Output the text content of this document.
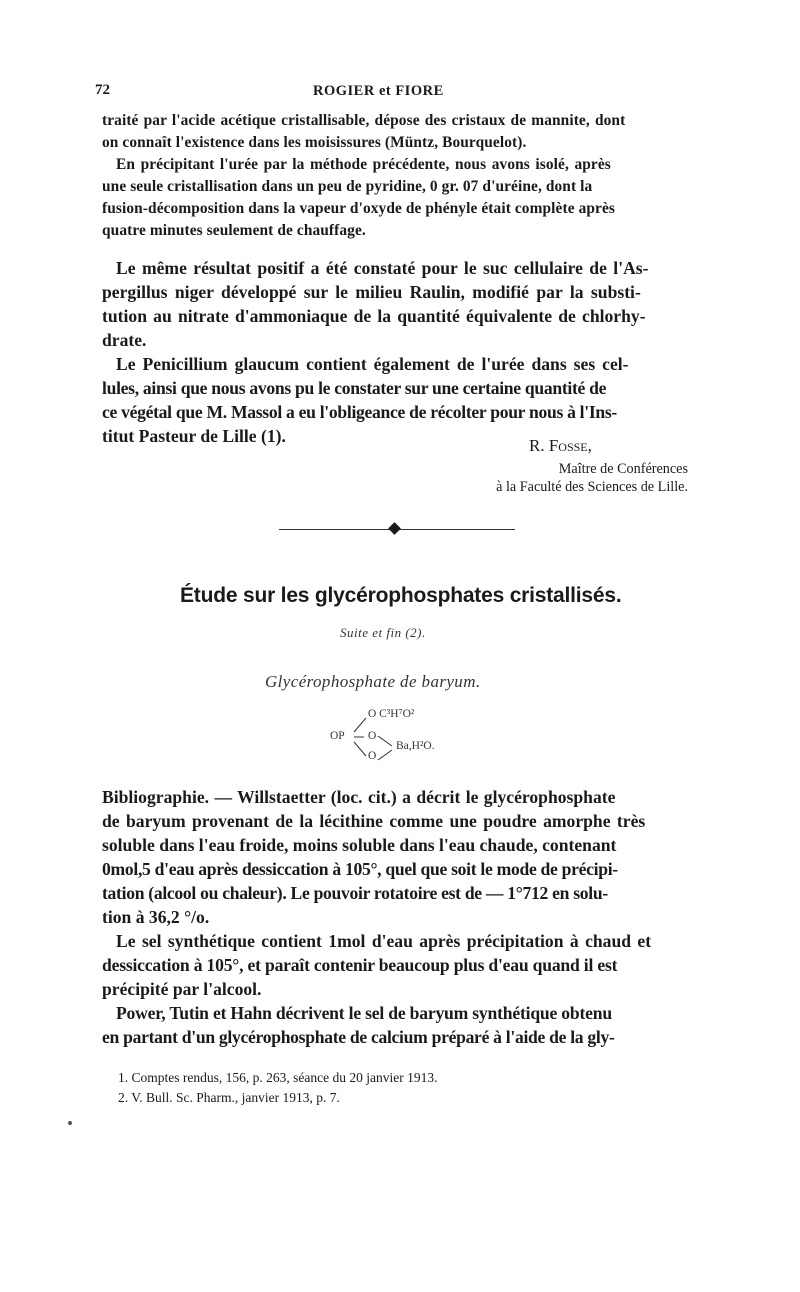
72	ROGIER et FIORE

traité par l'acide acétique cristallisable, dépose des cristaux de mannite, dont

on connaît l'existence dans les moisissures (Müntz, Bourquelot).

En précipitant l'urée par la méthode précédente, nous avons isolé, après

une seule cristallisation dans un peu de pyridine, 0 gr. 07 d'uréine, dont la

fusion-décomposition dans la vapeur d'oxyde de phényle était complète après

quatre minutes seulement de chauffage.

Le même résultat positif a été constaté pour le suc cellulaire de l'As-

pergillus niger développé sur le milieu Raulin, modifié par la substi-

tution au nitrate d'ammoniaque de la quantité équivalente de chlorhy-

drate.

Le Penicillium glaucum contient également de l'urée dans ses cel-

lules, ainsi que nous avons pu le constater sur une certaine quantité de

ce végétal que M. Massol a eu l'obligeance de récolter pour nous à l'Ins-

titut Pasteur de Lille (1).	R. Fosse,
Maître de Conférences
à la Faculté des Sciences de Lille.
Étude sur les glycérophosphates cristallisés.
Suite et fin (2).
Glycérophosphate de baryum.
O C³H⁷O²
OP O
O
Ba,H²O.

Bibliographie. — Willstaetter (loc. cit.) a décrit le glycérophosphate

de baryum provenant de la lécithine comme une poudre amorphe très

soluble dans l'eau froide, moins soluble dans l'eau chaude, contenant

0mol,5 d'eau après dessiccation à 105°, quel que soit le mode de précipi-

tation (alcool ou chaleur). Le pouvoir rotatoire est de — 1°712 en solu-

tion à 36,2 °/o.

Le sel synthétique contient 1mol d'eau après précipitation à chaud et

dessiccation à 105°, et paraît contenir beaucoup plus d'eau quand il est

précipité par l'alcool.

Power, Tutin et Hahn décrivent le sel de baryum synthétique obtenu

en partant d'un glycérophosphate de calcium préparé à l'aide de la gly-

1. Comptes rendus, 156, p. 263, séance du 20 janvier 1913.
2. V. Bull. Sc. Pharm., janvier 1913, p. 7.
